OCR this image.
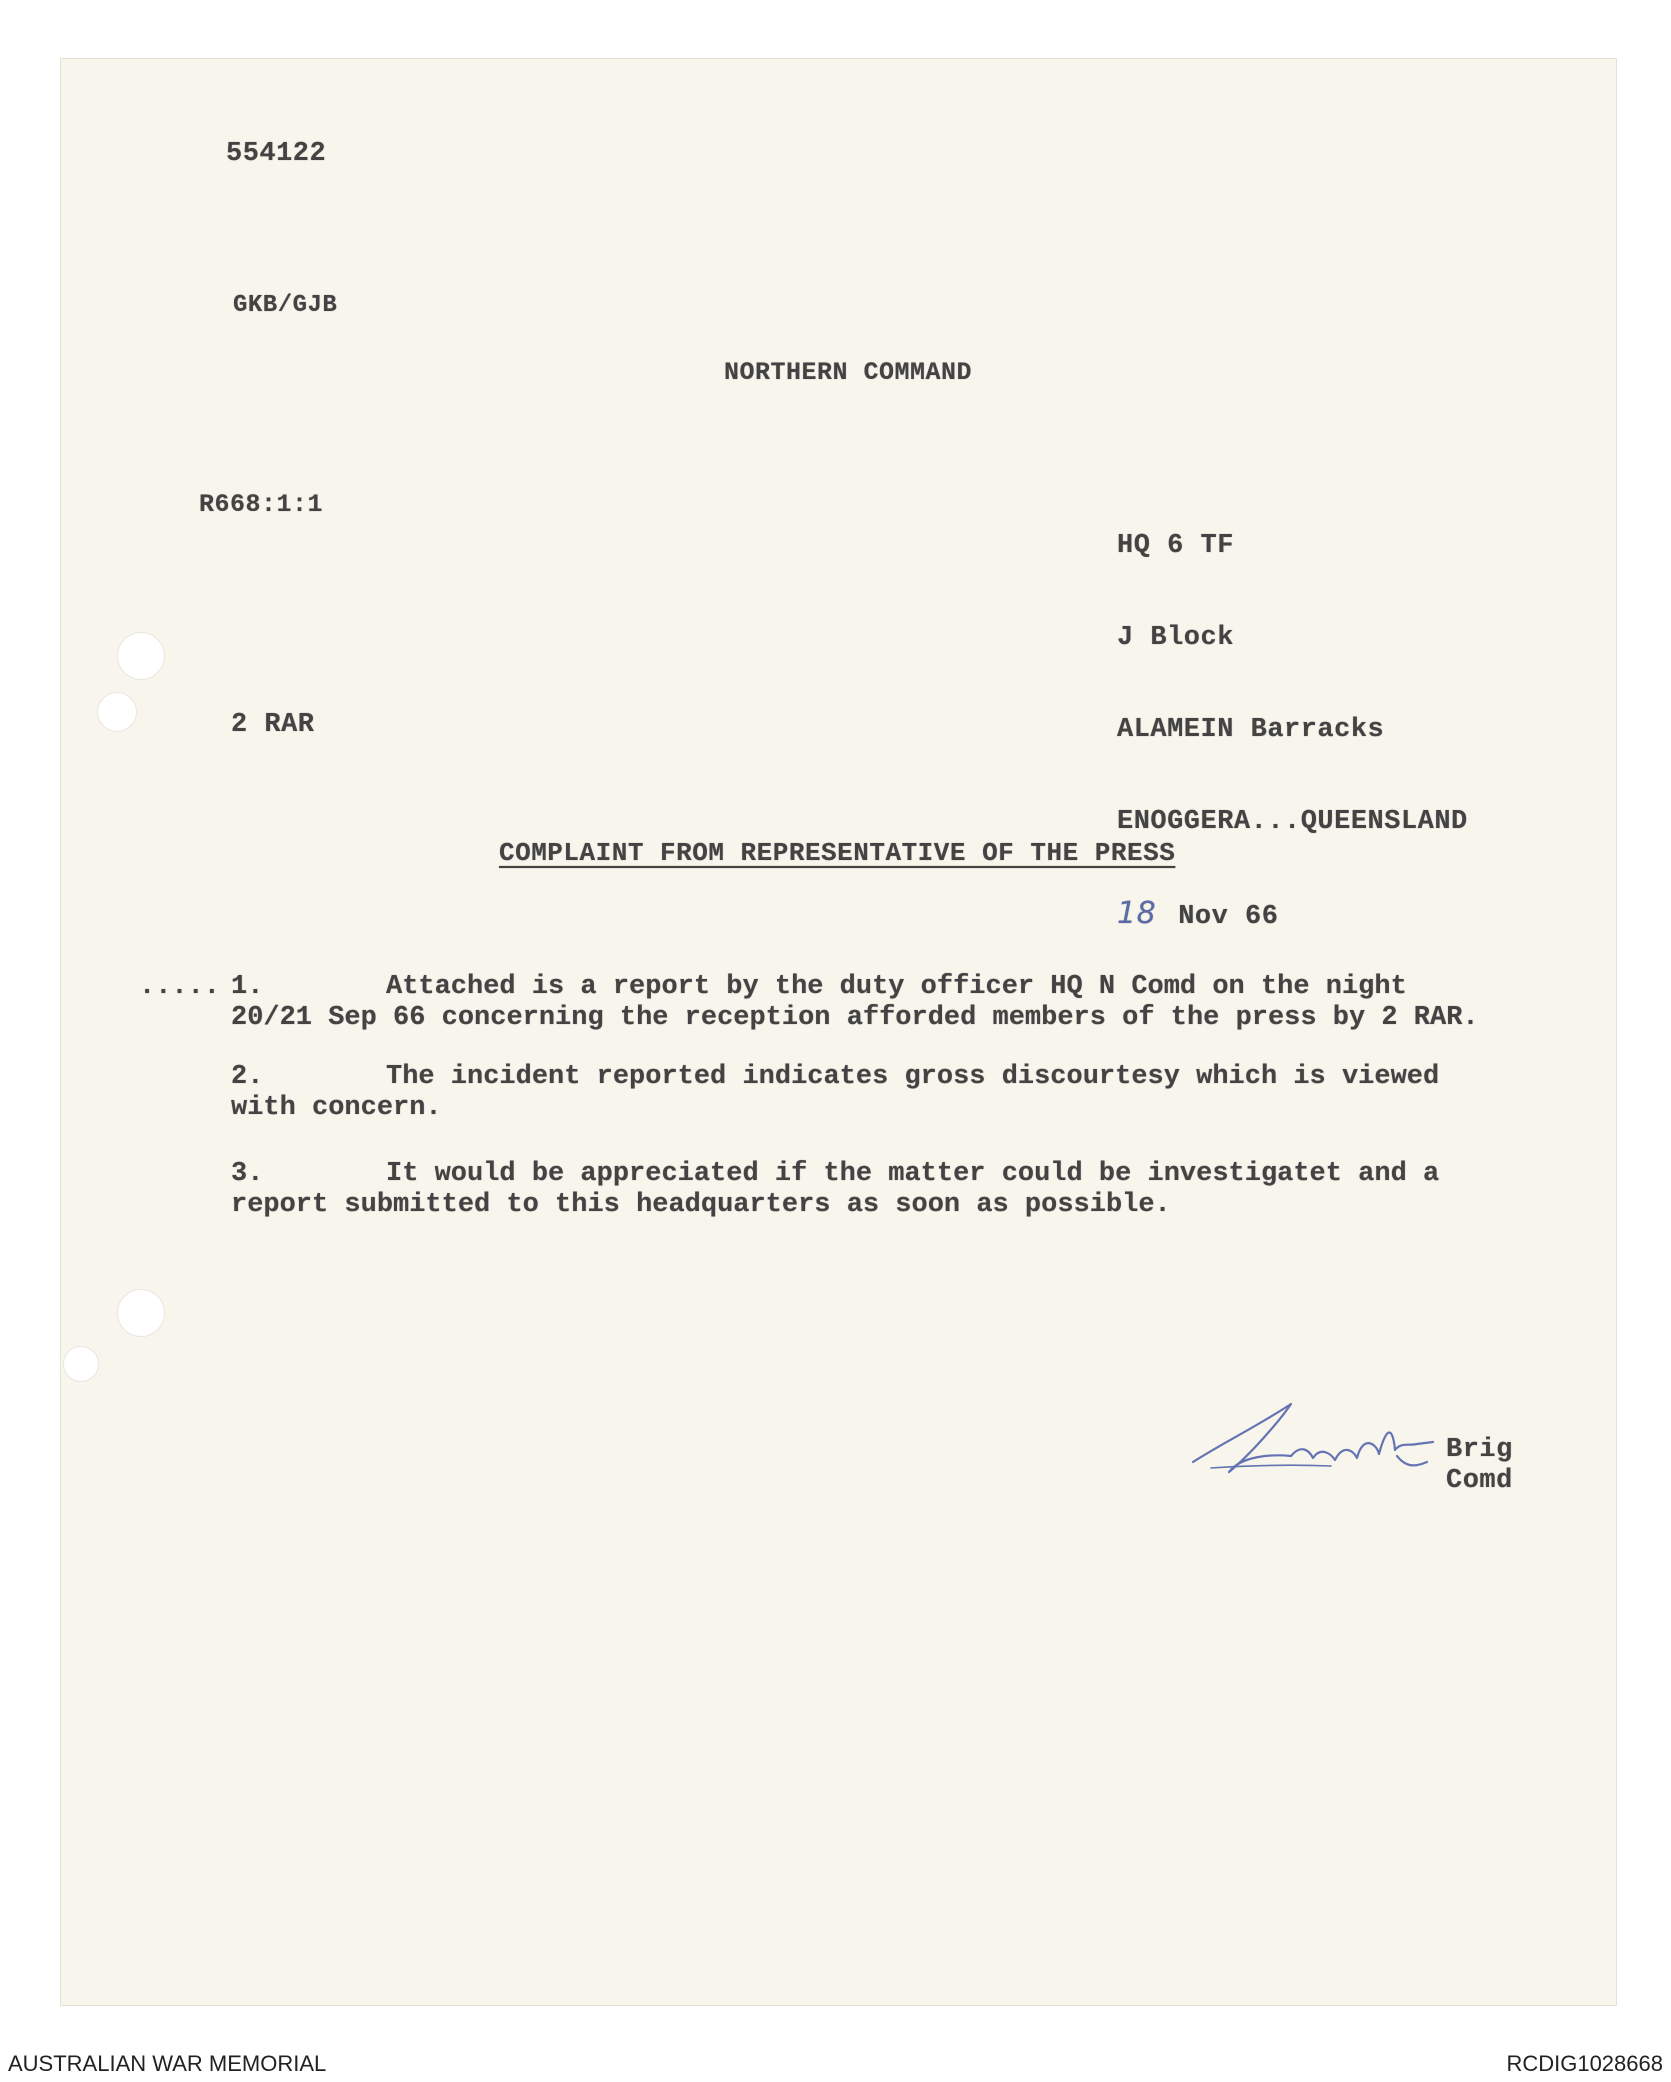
554122
GKB/GJB
NORTHERN COMMAND
R668:1:1

HQ 6 TF

J Block

ALAMEIN Barracks

ENOGGERA...QUEENSLAND

18 Nov 66

2 RAR
COMPLAINT FROM REPRESENTATIVE OF THE PRESS
..... 1.	Attached is a report by the duty officer HQ N Comd on the night
20/21 Sep 66 concerning the reception afforded members of the press by 2 RAR.
2.	The incident reported indicates gross discourtesy which is viewed
with concern.
3.	It would be appreciated if the matter could be investigatet and a
report submitted to this headquarters as soon as possible.
Brig
Comd
AUSTRALIAN WAR MEMORIAL	RCDIG1028668
